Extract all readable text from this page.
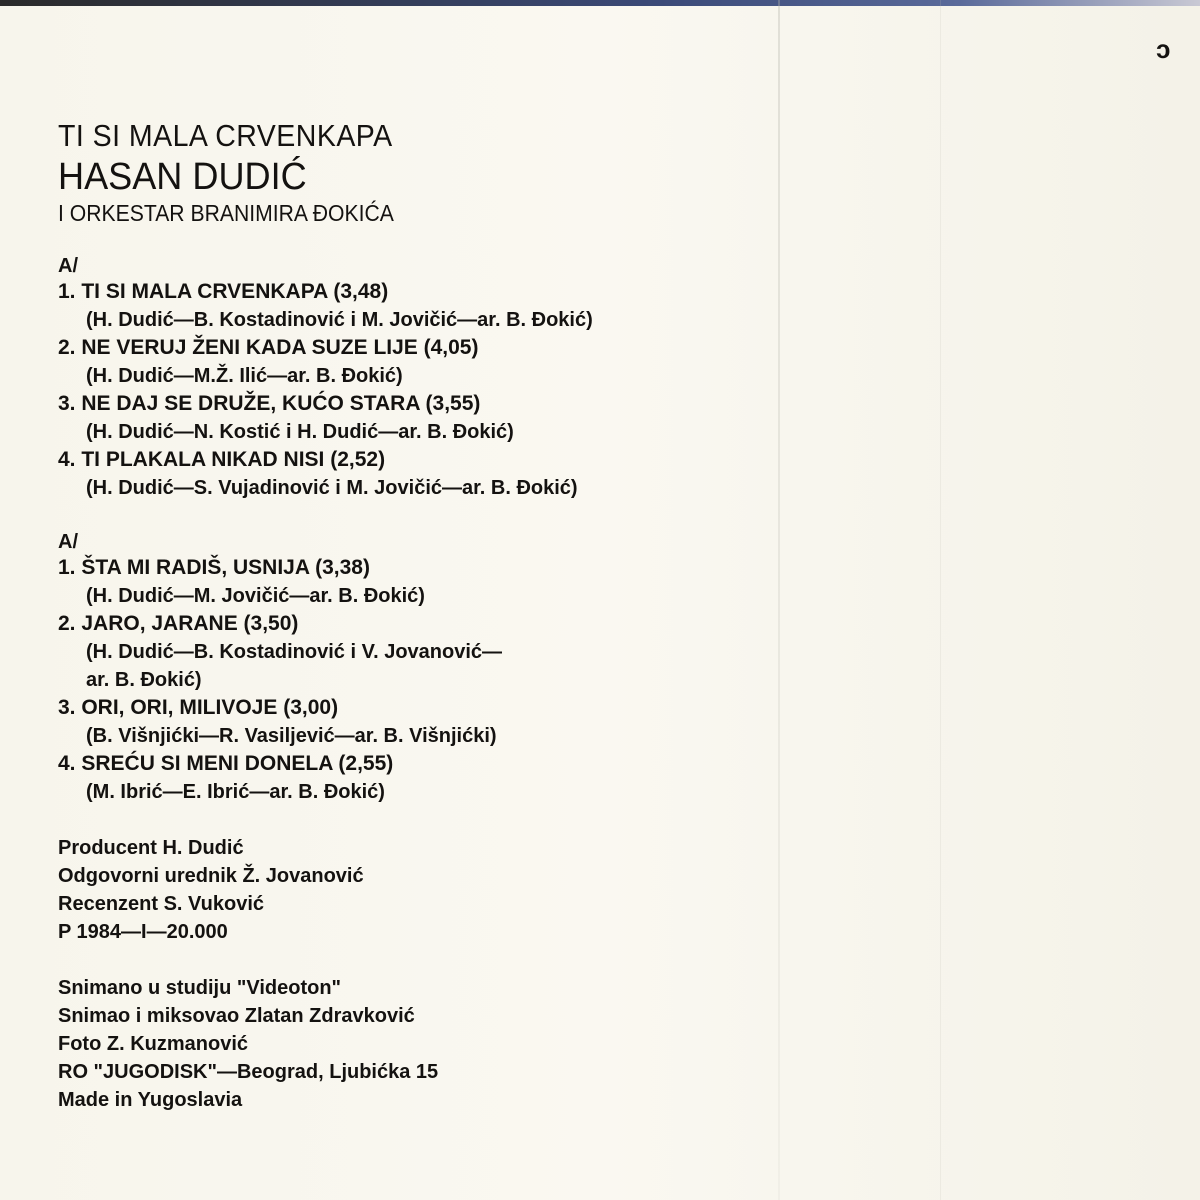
ɔ
TI SI MALA CRVENKAPA
HASAN DUDIĆ
I ORKESTAR BRANIMIRA ĐOKIĆA
A/
1. TI SI MALA CRVENKAPA (3,48)
(H. Dudić—B. Kostadinović i M. Jovičić—ar. B. Đokić)
2. NE VERUJ ŽENI KADA SUZE LIJE (4,05)
(H. Dudić—M.Ž. Ilić—ar. B. Đokić)
3. NE DAJ SE DRUŽE, KUĆO STARA (3,55)
(H. Dudić—N. Kostić i H. Dudić—ar. B. Đokić)
4. TI PLAKALA NIKAD NISI (2,52)
(H. Dudić—S. Vujadinović i M. Jovičić—ar. B. Đokić)
A/
1. ŠTA MI RADIŠ, USNIJA (3,38)
(H. Dudić—M. Jovičić—ar. B. Đokić)
2. JARO, JARANE (3,50)
(H. Dudić—B. Kostadinović i V. Jovanović—
ar. B. Đokić)
3. ORI, ORI, MILIVOJE (3,00)
(B. Višnjićki—R. Vasiljević—ar. B. Višnjićki)
4. SREĆU SI MENI DONELA (2,55)
(M. Ibrić—E. Ibrić—ar. B. Đokić)
Producent H. Dudić
Odgovorni urednik Ž. Jovanović
Recenzent S. Vuković
P 1984—I—20.000
Snimano u studiju "Videoton"
Snimao i miksovao Zlatan Zdravković
Foto Z. Kuzmanović
RO "JUGODISK"—Beograd, Ljubićka 15
Made in Yugoslavia
